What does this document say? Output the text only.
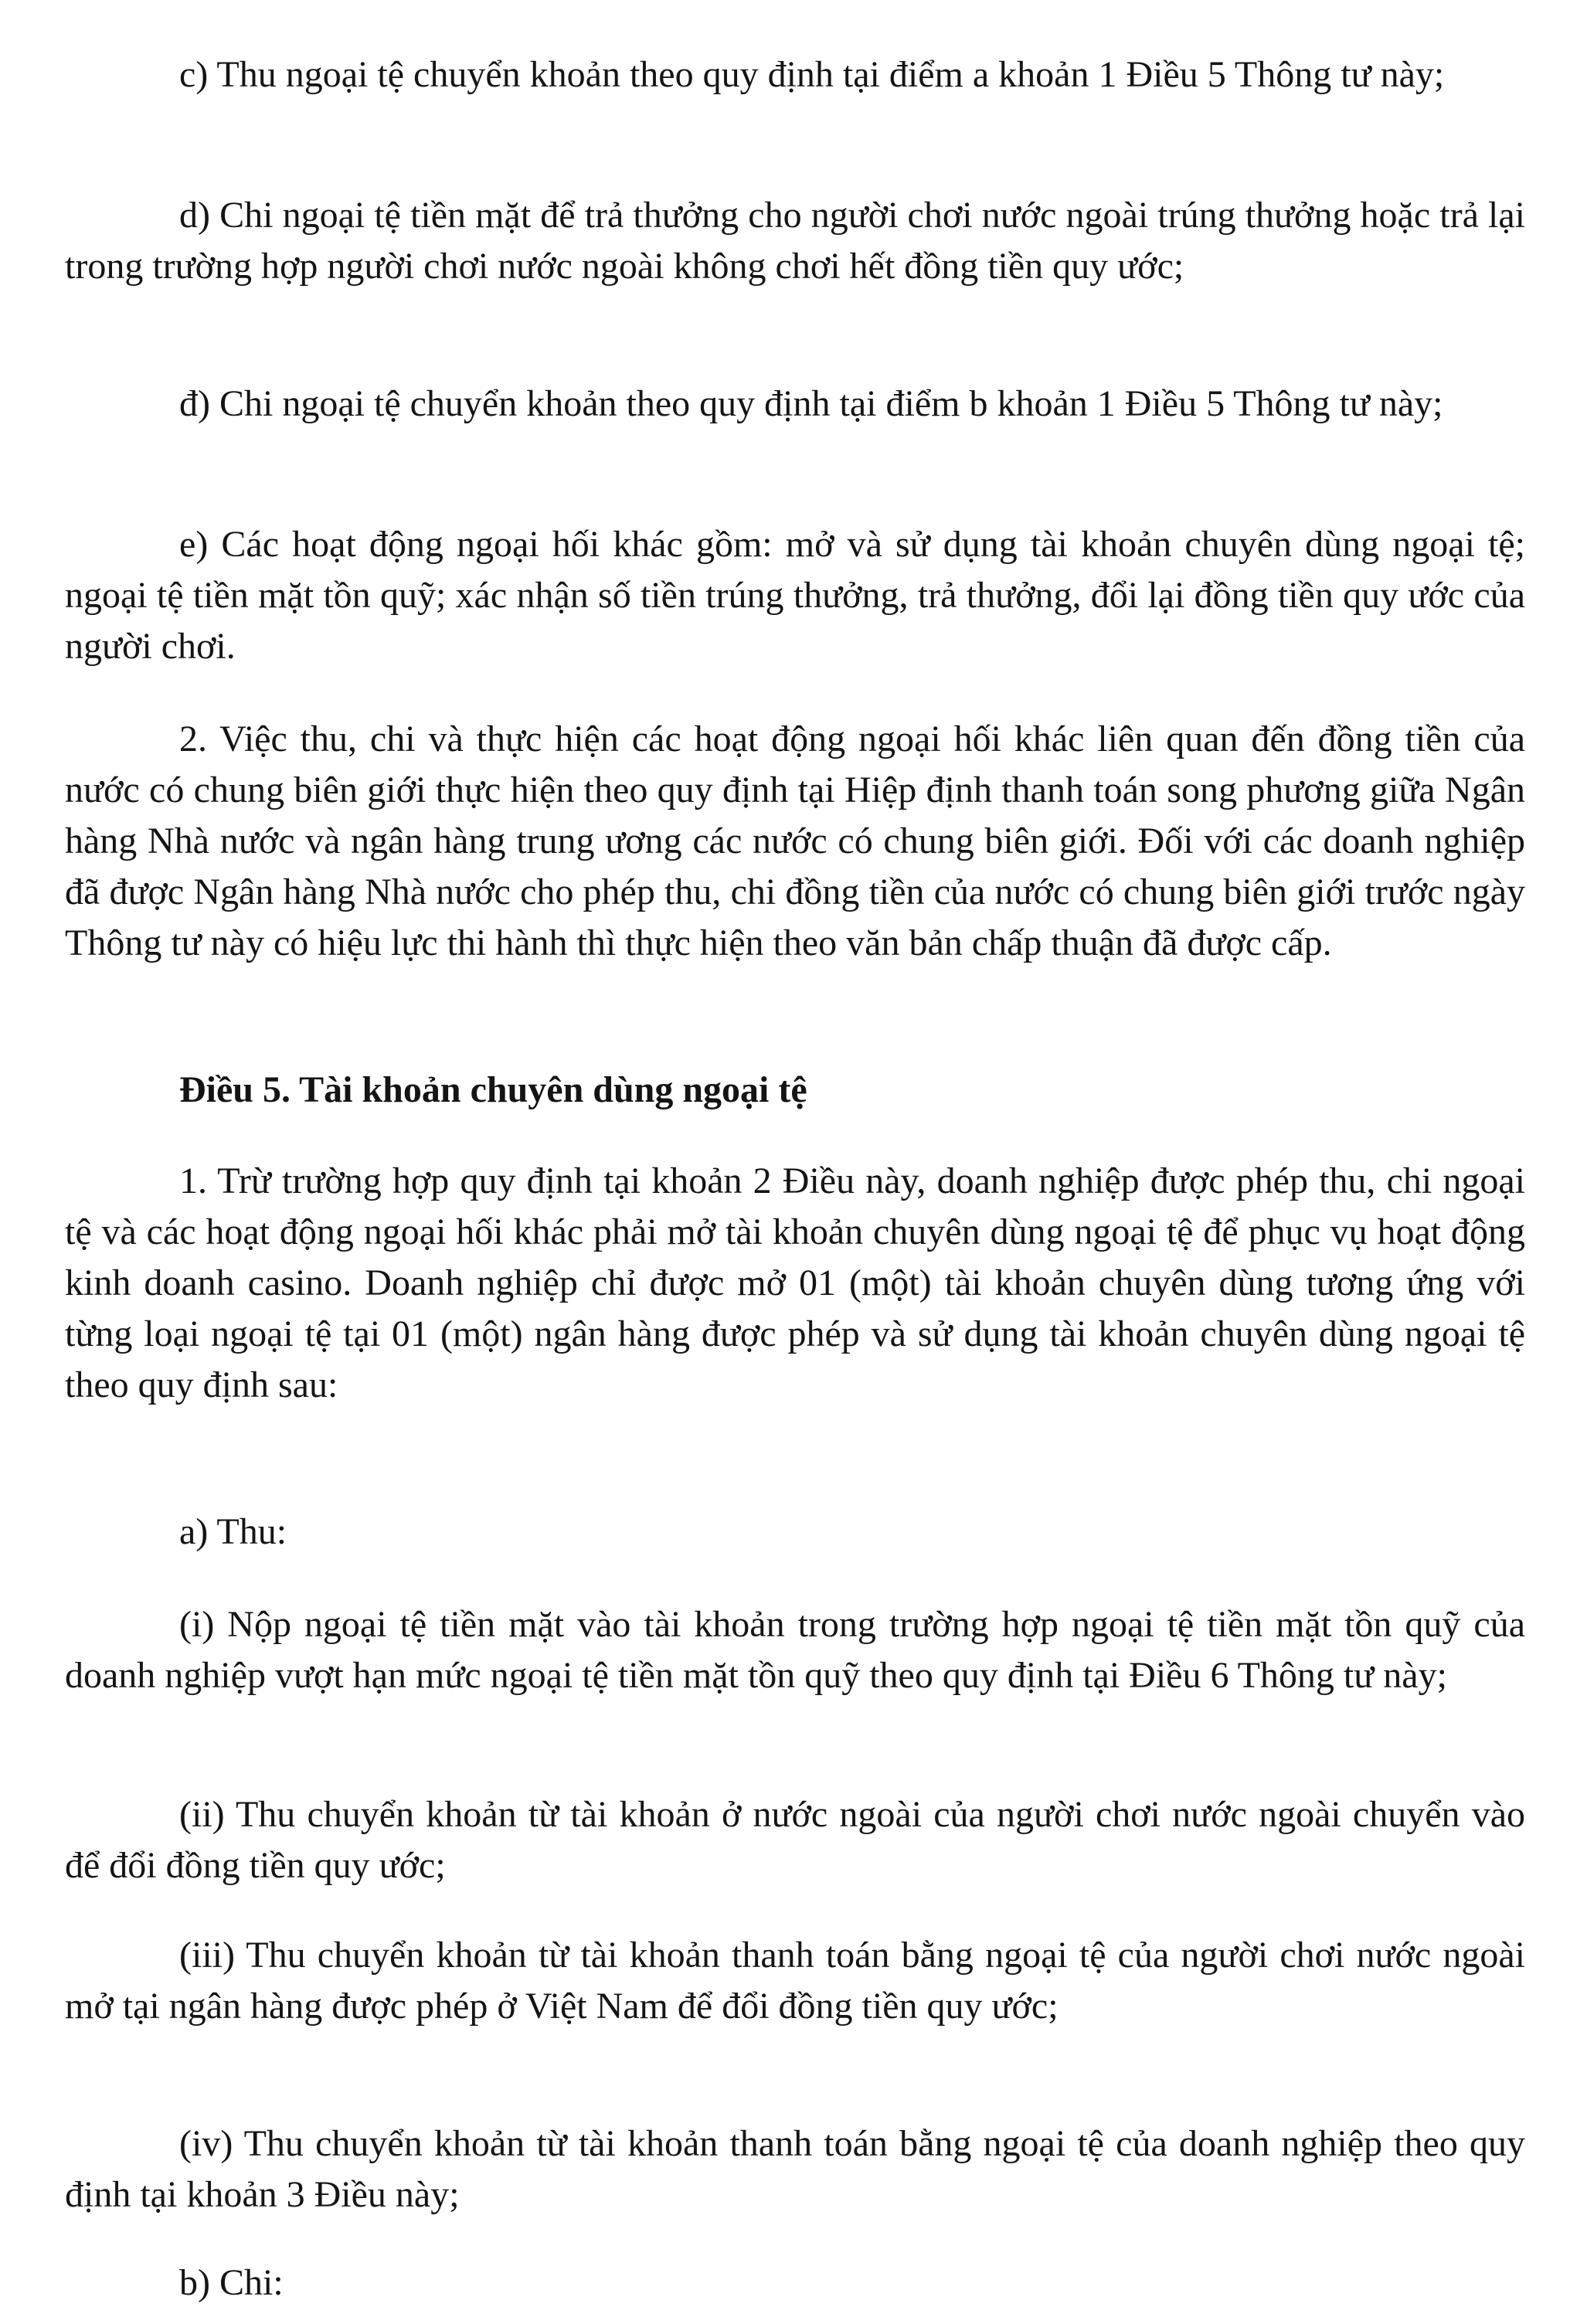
c) Thu ngoại tệ chuyển khoản theo quy định tại điểm a khoản 1 Điều 5 Thông tư này;

d) Chi ngoại tệ tiền mặt để trả thưởng cho người chơi nước ngoài trúng thưởng hoặc trả lại trong trường hợp người chơi nước ngoài không chơi hết đồng tiền quy ước;

đ) Chi ngoại tệ chuyển khoản theo quy định tại điểm b khoản 1 Điều 5 Thông tư này;

e) Các hoạt động ngoại hối khác gồm: mở và sử dụng tài khoản chuyên dùng ngoại tệ; ngoại tệ tiền mặt tồn quỹ; xác nhận số tiền trúng thưởng, trả thưởng, đổi lại đồng tiền quy ước của người chơi.

2. Việc thu, chi và thực hiện các hoạt động ngoại hối khác liên quan đến đồng tiền của nước có chung biên giới thực hiện theo quy định tại Hiệp định thanh toán song phương giữa Ngân hàng Nhà nước và ngân hàng trung ương các nước có chung biên giới. Đối với các doanh nghiệp đã được Ngân hàng Nhà nước cho phép thu, chi đồng tiền của nước có chung biên giới trước ngày Thông tư này có hiệu lực thi hành thì thực hiện theo văn bản chấp thuận đã được cấp.

Điều 5. Tài khoản chuyên dùng ngoại tệ

1. Trừ trường hợp quy định tại khoản 2 Điều này, doanh nghiệp được phép thu, chi ngoại tệ và các hoạt động ngoại hối khác phải mở tài khoản chuyên dùng ngoại tệ để phục vụ hoạt động kinh doanh casino. Doanh nghiệp chỉ được mở 01 (một) tài khoản chuyên dùng tương ứng với từng loại ngoại tệ tại 01 (một) ngân hàng được phép và sử dụng tài khoản chuyên dùng ngoại tệ theo quy định sau:

a) Thu:

(i) Nộp ngoại tệ tiền mặt vào tài khoản trong trường hợp ngoại tệ tiền mặt tồn quỹ của doanh nghiệp vượt hạn mức ngoại tệ tiền mặt tồn quỹ theo quy định tại Điều 6 Thông tư này;

(ii) Thu chuyển khoản từ tài khoản ở nước ngoài của người chơi nước ngoài chuyển vào để đổi đồng tiền quy ước;

(iii) Thu chuyển khoản từ tài khoản thanh toán bằng ngoại tệ của người chơi nước ngoài mở tại ngân hàng được phép ở Việt Nam để đổi đồng tiền quy ước;

(iv) Thu chuyển khoản từ tài khoản thanh toán bằng ngoại tệ của doanh nghiệp theo quy định tại khoản 3 Điều này;

b) Chi:
